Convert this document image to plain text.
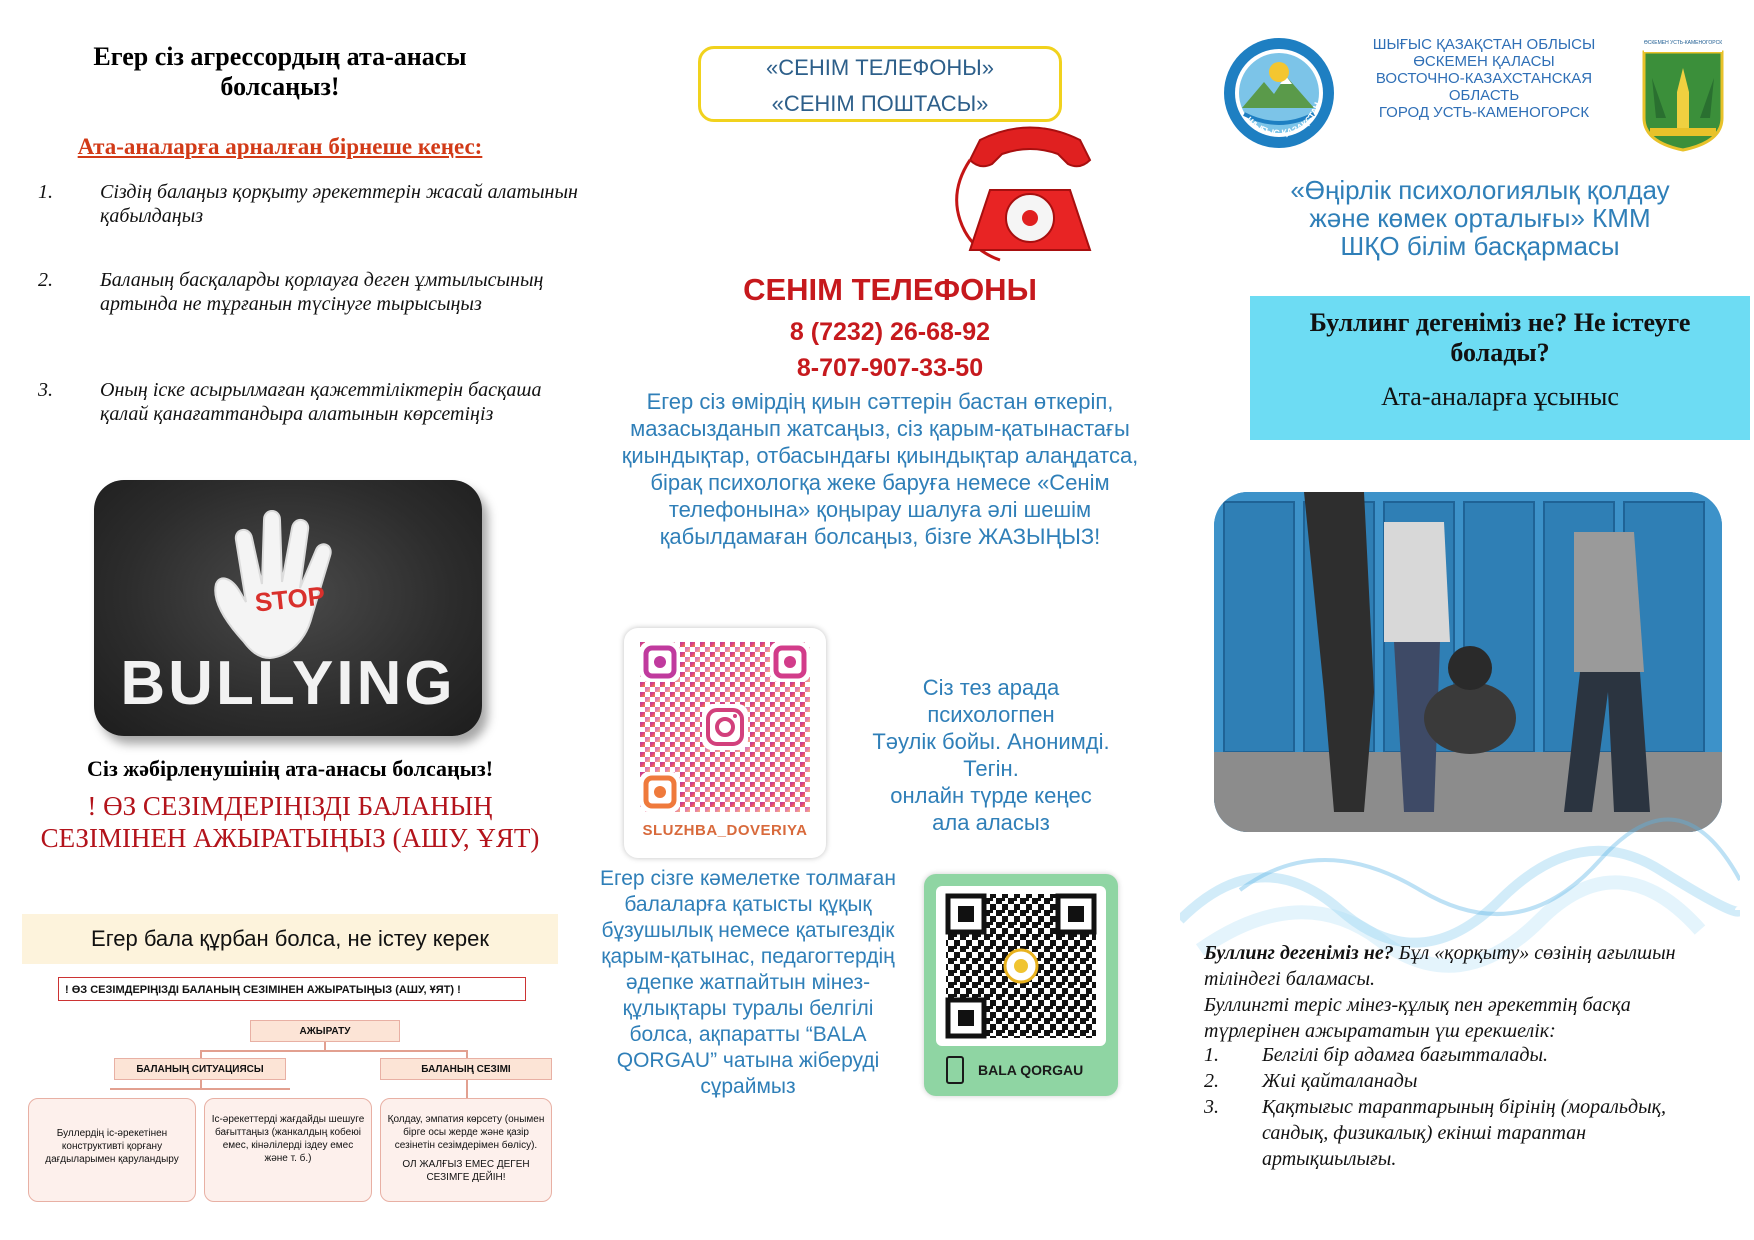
Егер сіз агрессордың ата-анасы болсаңыз!
Ата-аналарға арналған бірнеше кеңес:
1. Сіздің балаңыз қорқыту әрекеттерін жасай алатынын қабылдаңыз
2. Баланың басқаларды қорлауға деген ұмтылысының артында не тұрғанын түсінуге тырысыңыз
3. Оның іске асырылмаған қажеттіліктерін басқаша қалай қанағаттандыра алатынын көрсетіңіз
STOP
BULLYING
Сіз жәбірленушінің ата-анасы болсаңыз!
! ӨЗ СЕЗІМДЕРІҢІЗДІ БАЛАНЫҢ СЕЗІМІНЕН АЖЫРАТЫҢЫЗ (АШУ, ҰЯТ)
Егер бала құрбан болса, не істеу керек
! ӨЗ СЕЗІМДЕРІҢІЗДІ БАЛАНЫҢ СЕЗІМІНЕН АЖЫРАТЫҢЫЗ (АШУ, ҰЯТ) !
АЖЫРАТУ
БАЛАНЫҢ СИТУАЦИЯСЫ	БАЛАНЫҢ СЕЗІМІ
Буллердің іс-әрекетінен конструктивті қорғану дағдыларымен қаруландыру
Іс-әрекеттерді жағдайды шешуге бағыттаңыз (жанкалдың кобеюі емес, кінәлілерді іздеу емес және т. б.)
Қолдау, эмпатия көрсету (онымен бірге осы жерде және қазір сезінетін сезімдерімен бөлісу).
ОЛ ЖАЛҒЫЗ ЕМЕС ДЕГЕН СЕЗІМГЕ ДЕЙІН!
«СЕНІМ ТЕЛЕФОНЫ»
«СЕНІМ ПОШТАСЫ»
СЕНІМ ТЕЛЕФОНЫ
8 (7232) 26-68-92
8-707-907-33-50
Егер сіз өмірдің қиын сәттерін бастан өткеріп, мазасызданып жатсаңыз, сіз қарым-қатынастағы қиындықтар, отбасындағы қиындықтар алаңдатса, бірақ психологқа жеке баруға немесе «Сенім телефонына» қоңырау шалуға әлі шешім қабылдамаған болсаңыз, бізге ЖАЗЫҢЫЗ!
SLUZHBA_DOVERIYA
Сіз тез арада
психологпен
Тәулік бойы. Анонимді.
Тегін.
онлайн түрде кеңес
ала аласыз
Егер сізге кәмелетке толмаған балаларға қатысты құқық бұзушылық немесе қатыгездік қарым-қатынас, педагогтердің әдепке жатпайтын мінез-құлықтары туралы белгілі болса, ақпаратты “BALA QORGAU” чатына жіберуді сұраймыз
BALA QORGAU
ШЫҒЫС ҚАЗАҚСТАН
ШЫҒЫС ҚАЗАҚСТАН ОБЛЫСЫ
ӨСКЕМЕН ҚАЛАСЫ
ВОСТОЧНО-КАЗАХСТАНСКАЯ
ОБЛАСТЬ
ГОРОД УСТЬ-КАМЕНОГОРСК
ӨСКЕМЕН УСТЬ-КАМЕНОГОРСК
«Өңірлік психологиялық қолдау
және көмек орталығы» КММ
ШҚО білім басқармасы
Буллинг дегеніміз не? Не істеуге болады?
Ата-аналарға ұсыныс
Буллинг дегеніміз не? Бұл «қорқыту» сөзінің ағылшын тіліндегі баламасы.
Буллингті теріс мінез-құлық пен әрекеттің басқа түрлерінен ажырататын үш ерекшелік:
1. Белгілі бір адамға бағытталады.
2. Жиі қайталанады
3. Қақтығыс тараптарының бірінің (моральдық, сандық, физикалық) екінші тараптан артықшылығы.
